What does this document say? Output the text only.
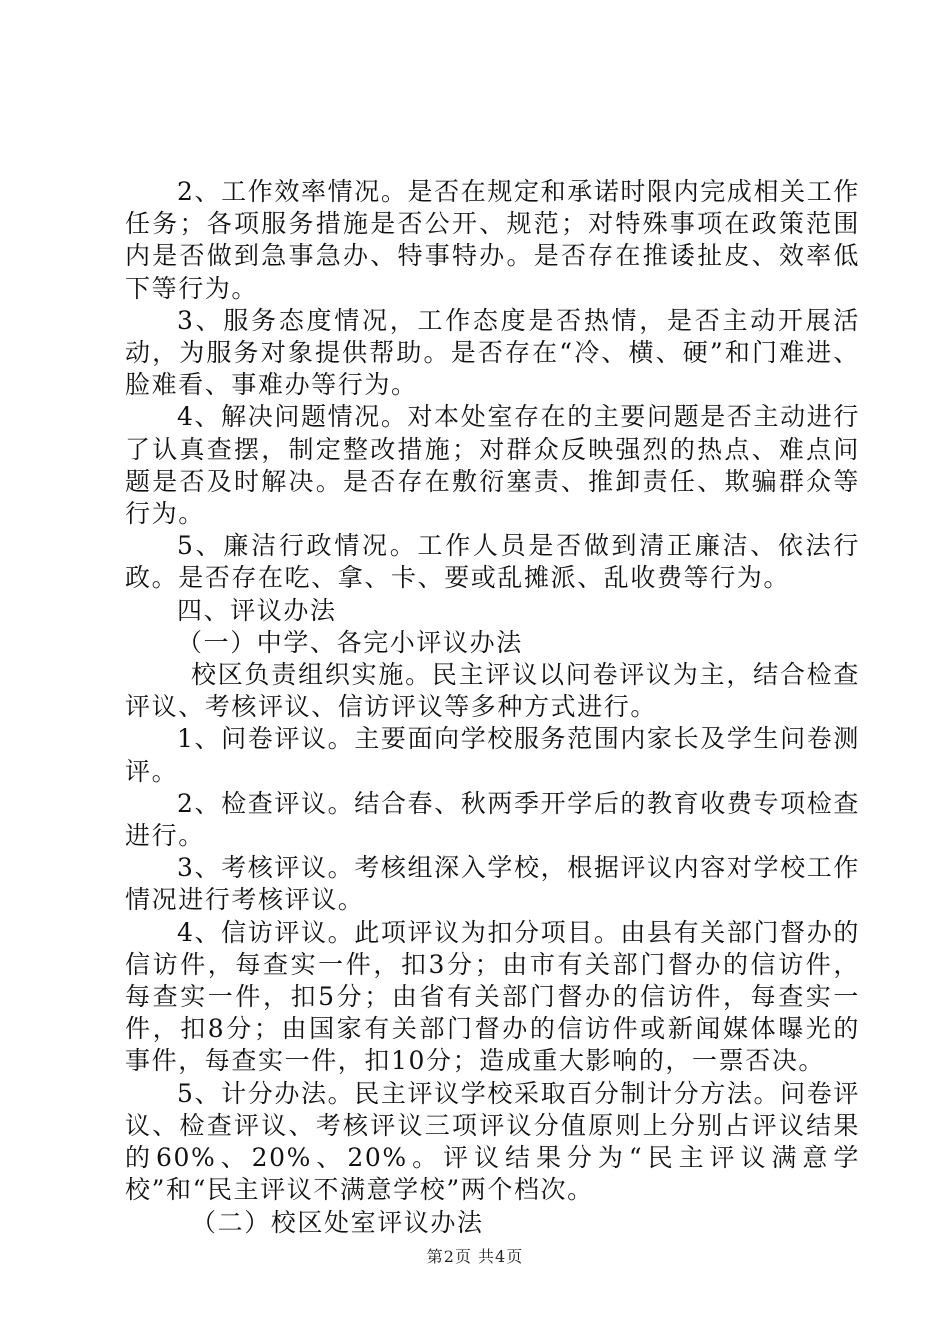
2、工作效率情况。是否在规定和承诺时限内完成相关工作任务；各项服务措施是否公开、规范；对特殊事项在政策范围内是否做到急事急办、特事特办。是否存在推诿扯皮、效率低下等行为。

3、服务态度情况，工作态度是否热情，是否主动开展活动，为服务对象提供帮助。是否存在“冷、横、硬”和门难进、脸难看、事难办等行为。

4、解决问题情况。对本处室存在的主要问题是否主动进行了认真查摆，制定整改措施；对群众反映强烈的热点、难点问题是否及时解决。是否存在敷衍塞责、推卸责任、欺骗群众等行为。

5、廉洁行政情况。工作人员是否做到清正廉洁、依法行政。是否存在吃、拿、卡、要或乱摊派、乱收费等行为。

四、评议办法

（一）中学、各完小评议办法

校区负责组织实施。民主评议以问卷评议为主，结合检查评议、考核评议、信访评议等多种方式进行。

1、问卷评议。主要面向学校服务范围内家长及学生问卷测评。

2、检查评议。结合春、秋两季开学后的教育收费专项检查进行。

3、考核评议。考核组深入学校，根据评议内容对学校工作情况进行考核评议。

4、信访评议。此项评议为扣分项目。由县有关部门督办的信访件，每查实一件，扣3分；由市有关部门督办的信访件，每查实一件，扣5分；由省有关部门督办的信访件，每查实一件，扣8分；由国家有关部门督办的信访件或新闻媒体曝光的事件，每查实一件，扣10分；造成重大影响的，一票否决。

5、计分办法。民主评议学校采取百分制计分方法。问卷评议、检查评议、考核评议三项评议分值原则上分别占评议结果的60%、20%、20%。评议结果分为“民主评议满意学校”和“民主评议不满意学校”两个档次。

（二）校区处室评议办法

第2页 共4页
